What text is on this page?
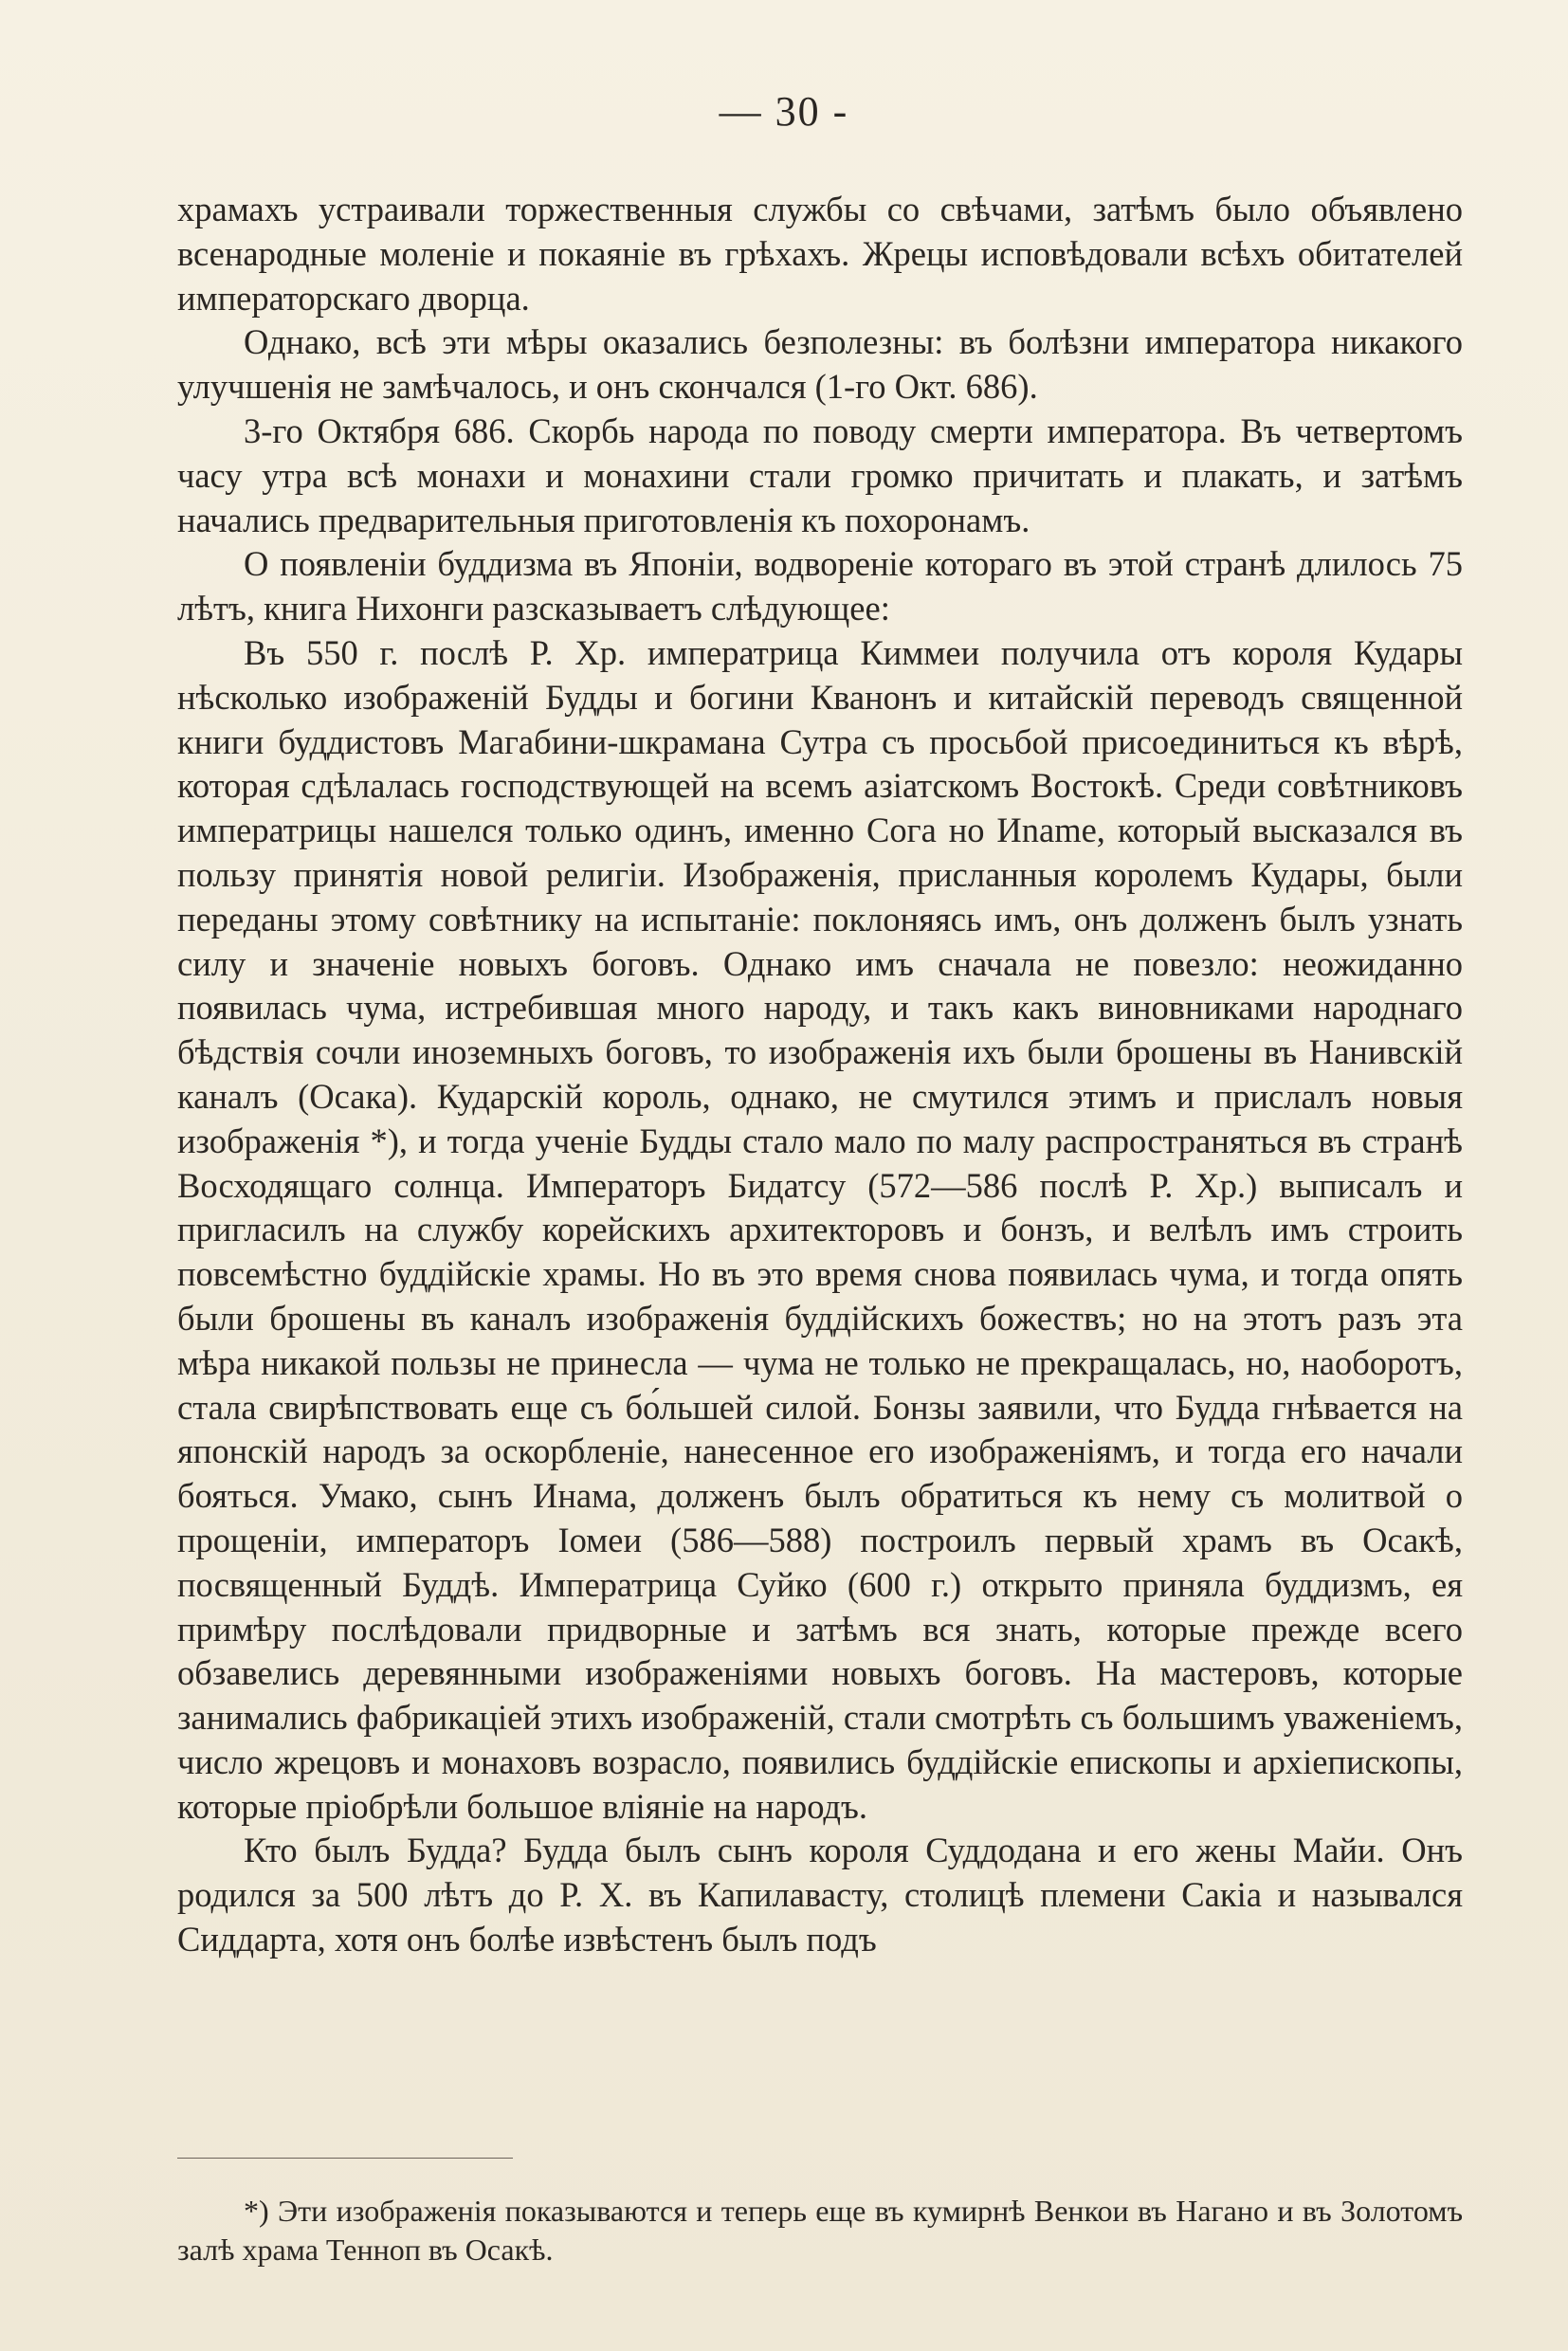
— 30 -

храмахъ устраивали торжественныя службы со свѣчами, затѣмъ было объявлено всенародные моленіе и покаяніе въ грѣхахъ. Жрецы исповѣдовали всѣхъ обитателей императорскаго дворца.

Однако, всѣ эти мѣры оказались безполезны: въ болѣзни императора никакого улучшенія не замѣчалось, и онъ скончался (1-го Окт. 686).

3-го Октября 686. Скорбь народа по поводу смерти императора. Въ четвертомъ часу утра всѣ монахи и монахини стали громко причитать и плакать, и затѣмъ начались предварительныя приготовленія къ похоронамъ.

О появленіи буддизма въ Японіи, водвореніе котораго въ этой странѣ длилось 75 лѣтъ, книга Нихонги разсказываетъ слѣдующее:

Въ 550 г. послѣ Р. Хр. императрица Киммеи получила отъ короля Кудары нѣсколько изображеній Будды и богини Кванонъ и китайскій переводъ священной книги буддистовъ Магабини-шкрамана Сутра съ просьбой присоединиться къ вѣрѣ, которая сдѣлалась господствующей на всемъ азіатскомъ Востокѣ. Среди совѣтниковъ императрицы нашелся только одинъ, именно Сога но Иname, который высказался въ пользу принятія новой религіи. Изображенія, присланныя королемъ Кудары, были переданы этому совѣтнику на испытаніе: поклоняясь имъ, онъ долженъ былъ узнать силу и значеніе новыхъ боговъ. Однако имъ сначала не повезло: неожиданно появилась чума, истребившая много народу, и такъ какъ виновниками народнаго бѣдствія сочли иноземныхъ боговъ, то изображенія ихъ были брошены въ Нанивскій каналъ (Осака). Кударскій король, однако, не смутился этимъ и прислалъ новыя изображенія *), и тогда ученіе Будды стало мало по малу распространяться въ странѣ Восходящаго солнца. Императоръ Бидатсу (572—586 послѣ Р. Хр.) выписалъ и пригласилъ на службу корейскихъ архитекторовъ и бонзъ, и велѣлъ имъ строить повсемѣстно буддійскіе храмы. Но въ это время снова появилась чума, и тогда опять были брошены въ каналъ изображенія буддійскихъ божествъ; но на этотъ разъ эта мѣра никакой пользы не принесла — чума не только не прекращалась, но, наоборотъ, стала свирѣпствовать еще съ бо́льшей силой. Бонзы заявили, что Будда гнѣвается на японскій народъ за оскорбленіе, нанесенное его изображеніямъ, и тогда его начали бояться. Умако, сынъ Инама, долженъ былъ обратиться къ нему съ молитвой о прощеніи, императоръ Іомеи (586—588) построилъ первый храмъ въ Осакѣ, посвященный Буддѣ. Императрица Суйко (600 г.) открыто приняла буддизмъ, ея примѣру послѣдовали придворные и затѣмъ вся знать, которые прежде всего обзавелись деревянными изображеніями новыхъ боговъ. На мастеровъ, которые занимались фабрикаціей этихъ изображеній, стали смотрѣть съ большимъ уваженіемъ, число жрецовъ и монаховъ возрасло, появились буддійскіе епископы и архіепископы, которые пріобрѣли большое вліяніе на народъ.

Кто былъ Будда? Будда былъ сынъ короля Суддодана и его жены Майи. Онъ родился за 500 лѣтъ до Р. Х. въ Капилавасту, столицѣ племени Сакіа и назывался Сиддарта, хотя онъ болѣе извѣстенъ былъ подъ

*) Эти изображенія показываются и теперь еще въ кумирнѣ Венкои въ Нагано и въ Золотомъ залѣ храма Тенноп въ Осакѣ.
